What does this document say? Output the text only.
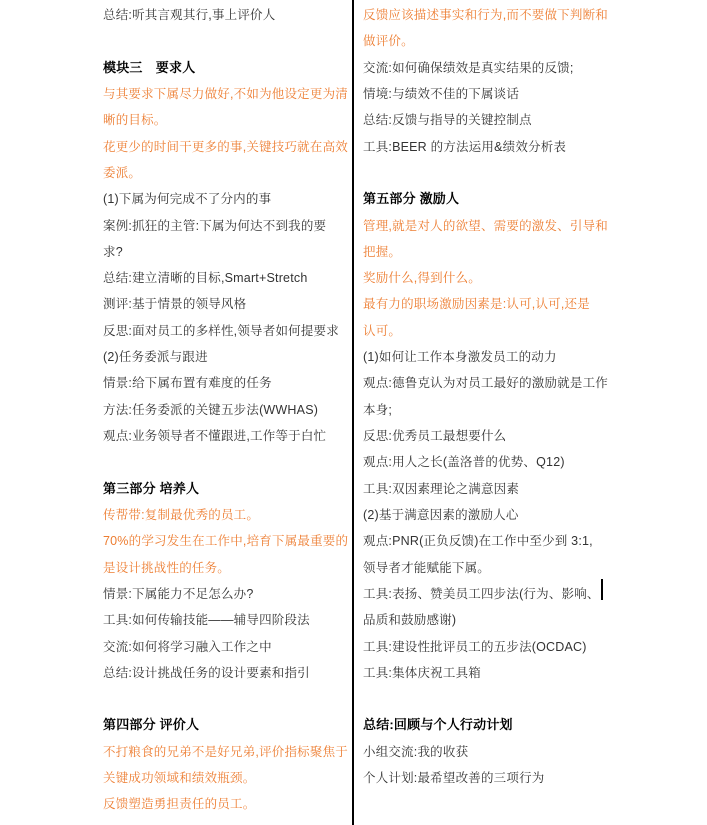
总结:听其言观其行,事上评价人
模块三　要求人
与其要求下属尽力做好,不如为他设定更为清
晰的目标。
花更少的时间干更多的事,关键技巧就在高效
委派。
(1)下属为何完成不了分内的事
案例:抓狂的主管:下属为何达不到我的要
求?
总结:建立清晰的目标,Smart+Stretch
测评:基于情景的领导风格
反思:面对员工的多样性,领导者如何提要求
(2)任务委派与跟进
情景:给下属布置有难度的任务
方法:任务委派的关键五步法(WWHAS)
观点:业务领导者不懂跟进,工作等于白忙
第三部分 培养人
传帮带:复制最优秀的员工。
70%的学习发生在工作中,培育下属最重要的
是设计挑战性的任务。
情景:下属能力不足怎么办?
工具:如何传输技能——辅导四阶段法
交流:如何将学习融入工作之中
总结:设计挑战任务的设计要素和指引
第四部分 评价人
不打粮食的兄弟不是好兄弟,评价指标聚焦于
关键成功领域和绩效瓶颈。
反馈塑造勇担责任的员工。
反馈应该描述事实和行为,而不要做下判断和
做评价。
交流:如何确保绩效是真实结果的反馈;
情境:与绩效不佳的下属谈话
总结:反馈与指导的关键控制点
工具:BEER 的方法运用&绩效分析表
第五部分 激励人
管理,就是对人的欲望、需要的激发、引导和
把握。
奖励什么,得到什么。
最有力的职场激励因素是:认可,认可,还是
认可。
(1)如何让工作本身激发员工的动力
观点:德鲁克认为对员工最好的激励就是工作
本身;
反思:优秀员工最想要什么
观点:用人之长(盖洛普的优势、Q12)
工具:双因素理论之满意因素
(2)基于满意因素的激励人心
观点:PNR(正负反馈)在工作中至少到 3:1,
领导者才能赋能下属。
工具:表扬、赞美员工四步法(行为、影响、
品质和鼓励感谢)
工具:建设性批评员工的五步法(OCDAC)
工具:集体庆祝工具箱
总结:回顾与个人行动计划
小组交流:我的收获
个人计划:最希望改善的三项行为
